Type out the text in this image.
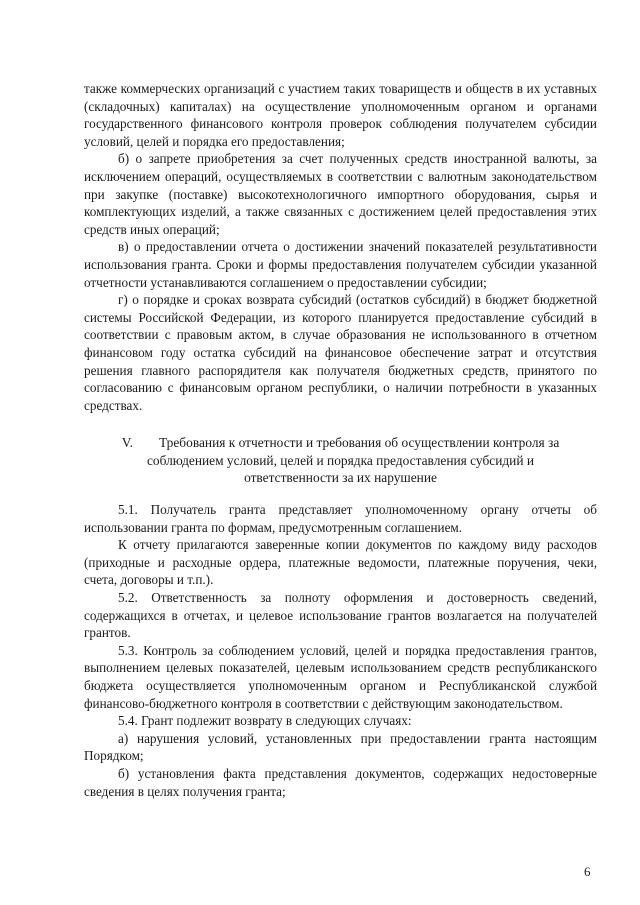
также коммерческих организаций с участием таких товариществ и обществ в их уставных (складочных) капиталах) на осуществление уполномоченным органом и органами государственного финансового контроля проверок соблюдения получателем субсидии условий, целей и порядка его предоставления;

б) о запрете приобретения за счет полученных средств иностранной валюты, за исключением операций, осуществляемых в соответствии с валютным законодательством при закупке (поставке) высокотехнологичного импортного оборудования, сырья и комплектующих изделий, а также связанных с достижением целей предоставления этих средств иных операций;

в) о предоставлении отчета о достижении значений показателей результативности использования гранта. Сроки и формы предоставления получателем субсидии указанной отчетности устанавливаются соглашением о предоставлении субсидии;

г) о порядке и сроках возврата субсидий (остатков субсидий) в бюджет бюджетной системы Российской Федерации, из которого планируется предоставление субсидий в соответствии с правовым актом, в случае образования не использованного в отчетном финансовом году остатка субсидий на финансовое обеспечение затрат и отсутствия решения главного распорядителя как получателя бюджетных средств, принятого по согласованию с финансовым органом республики, о наличии потребности в указанных средствах.

V. Требования к отчетности и требования об осуществлении контроля за
соблюдением условий, целей и порядка предоставления субсидий и
ответственности за их нарушение

5.1. Получатель гранта представляет уполномоченному органу отчеты об использовании гранта по формам, предусмотренным соглашением.

К отчету прилагаются заверенные копии документов по каждому виду расходов (приходные и расходные ордера, платежные ведомости, платежные поручения, чеки, счета, договоры и т.п.).

5.2. Ответственность за полноту оформления и достоверность сведений, содержащихся в отчетах, и целевое использование грантов возлагается на получателей грантов.

5.3. Контроль за соблюдением условий, целей и порядка предоставления грантов, выполнением целевых показателей, целевым использованием средств республиканского бюджета осуществляется уполномоченным органом и Республиканской службой финансово-бюджетного контроля в соответствии с действующим законодательством.

5.4. Грант подлежит возврату в следующих случаях:

а) нарушения условий, установленных при предоставлении гранта настоящим Порядком;

б) установления факта представления документов, содержащих недостоверные сведения в целях получения гранта;

6
